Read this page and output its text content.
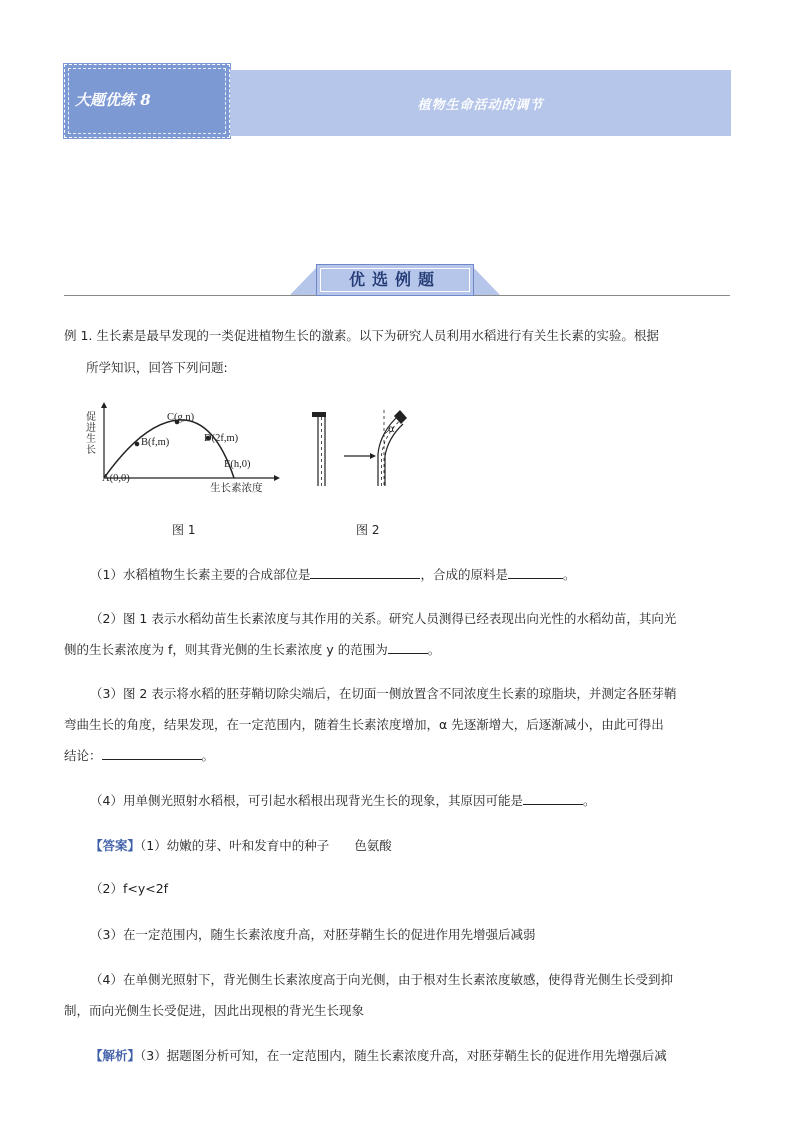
大题优练 8	植物生命活动的调节
优选例题
例 1. 生长素是最早发现的一类促进植物生长的激素。以下为研究人员利用水稻进行有关生长素的实验。根据
所学知识，回答下列问题:
促进生长
生长素浓度
A(0,0)
B(f,m)
C(g,n)
D(2f,m)
E(h,0)
图 1
α
图 2
（1）水稻植物生长素主要的合成部位是	，合成的原料是	。
（2）图 1 表示水稻幼苗生长素浓度与其作用的关系。研究人员测得已经表现出向光性的水稻幼苗，其向光
侧的生长素浓度为 f，则其背光侧的生长素浓度 y 的范围为	。
（3）图 2 表示将水稻的胚芽鞘切除尖端后，在切面一侧放置含不同浓度生长素的琼脂块，并测定各胚芽鞘
弯曲生长的角度，结果发现，在一定范围内，随着生长素浓度增加，α 先逐渐增大，后逐渐减小，由此可得出
结论：	。
（4）用单侧光照射水稻根，可引起水稻根出现背光生长的现象，其原因可能是	。
【答案】（1）幼嫩的芽、叶和发育中的种子　　色氨酸
（2）f<y<2f
（3）在一定范围内，随生长素浓度升高，对胚芽鞘生长的促进作用先增强后减弱
（4）在单侧光照射下，背光侧生长素浓度高于向光侧，由于根对生长素浓度敏感，使得背光侧生长受到抑
制，而向光侧生长受促进，因此出现根的背光生长现象
【解析】（3）据题图分析可知，在一定范围内，随生长素浓度升高，对胚芽鞘生长的促进作用先增强后减
